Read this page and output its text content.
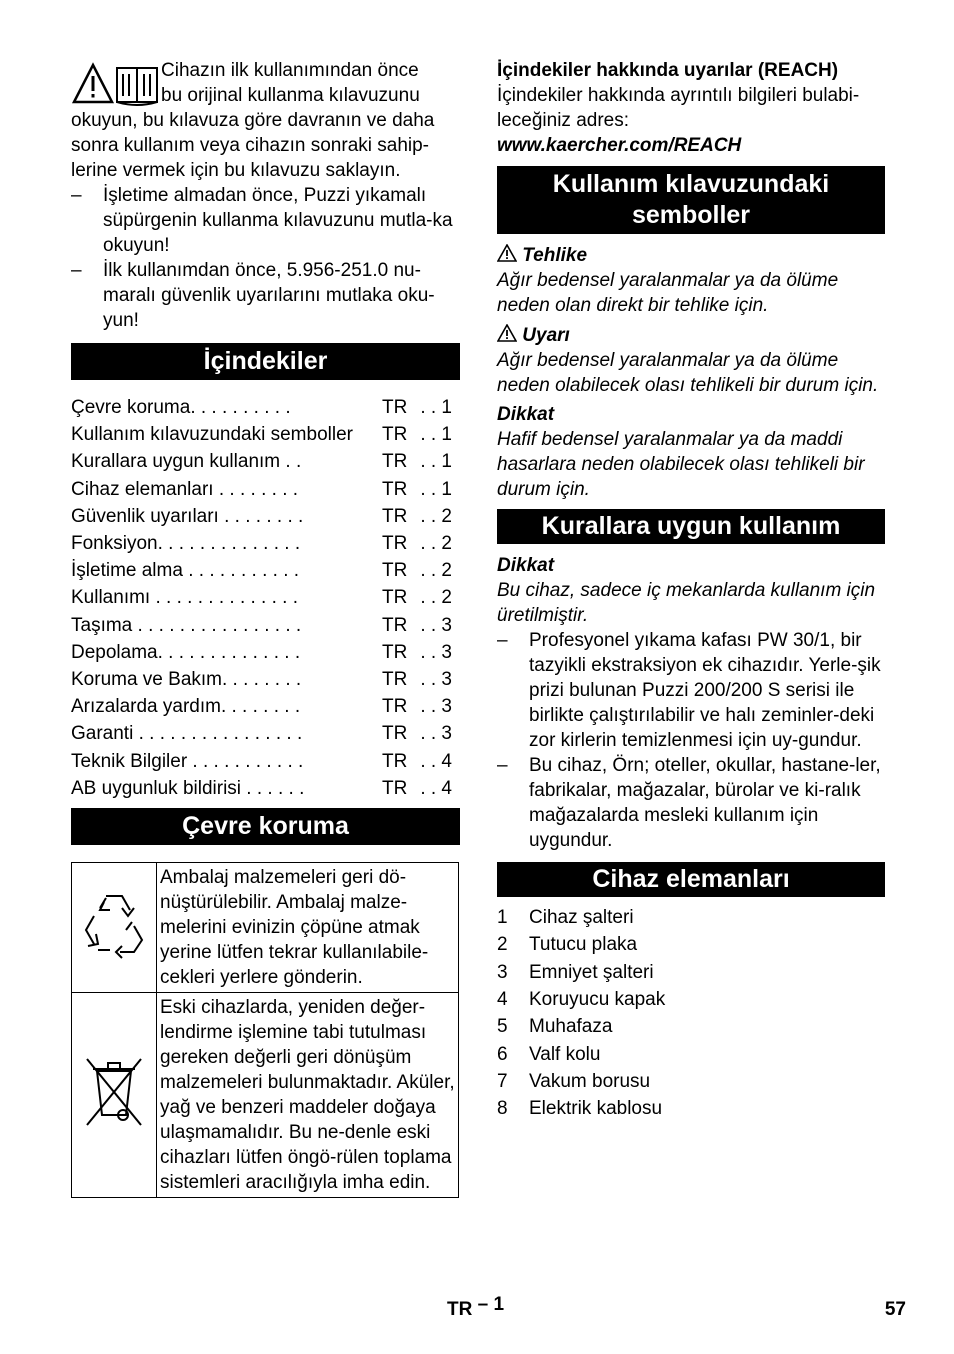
Cihazın ilk kullanımından önce

bu orijinal kullanma kılavuzunu

okuyun, bu kılavuza göre davranın ve daha sonra kullanım veya cihazın sonraki sahip-lerine vermek için bu kılavuzu saklayın.

–	İşletime almadan önce, Puzzi yıkamalı süpürgenin kullanma kılavuzunu mutla-ka okuyun!
–	İlk kullanımdan önce, 5.956-251.0 nu-maralı güvenlik uyarılarını mutlaka oku-yun!
İçindekiler
Çevre koruma. . . . . . . . . .	TR . . 1
Kullanım kılavuzundaki semboller	TR . . 1
Kurallara uygun kullanım . .	TR . . 1
Cihaz elemanları . . . . . . . .	TR . . 1
Güvenlik uyarıları . . . . . . . .	TR . . 2
Fonksiyon. . . . . . . . . . . . . .	TR . . 2
İşletime alma . . . . . . . . . . .	TR . . 2
Kullanımı . . . . . . . . . . . . . .	TR . . 2
Taşıma . . . . . . . . . . . . . . . .	TR . . 3
Depolama. . . . . . . . . . . . . .	TR . . 3
Koruma ve Bakım. . . . . . . .	TR . . 3
Arızalarda yardım. . . . . . . .	TR . . 3
Garanti . . . . . . . . . . . . . . . .	TR . . 3
Teknik Bilgiler . . . . . . . . . . .	TR . . 4
AB uygunluk bildirisi . . . . . .	TR . . 4
Çevre koruma
	Ambalaj malzemeleri geri dö-nüştürülebilir. Ambalaj malze-melerini evinizin çöpüne atmak yerine lütfen tekrar kullanılabile-cekleri yerlere gönderin.
	Eski cihazlarda, yeniden değer-lendirme işlemine tabi tutulması gereken değerli geri dönüşüm malzemeleri bulunmaktadır. Aküler, yağ ve benzeri maddeler doğaya ulaşmamalıdır. Bu ne-denle eski cihazları lütfen öngö-rülen toplama sistemleri aracılığıyla imha edin.

İçindekiler hakkında uyarılar (REACH)

İçindekiler hakkında ayrıntılı bilgileri bulabi-leceğiniz adres:

www.kaercher.com/REACH

Kullanım kılavuzundaki semboller

Tehlike

Ağır bedensel yaralanmalar ya da ölüme neden olan direkt bir tehlike için.

Uyarı

Ağır bedensel yaralanmalar ya da ölüme neden olabilecek olası tehlikeli bir durum için.

Dikkat

Hafif bedensel yaralanmalar ya da maddi hasarlara neden olabilecek olası tehlikeli bir durum için.

Kurallara uygun kullanım

Dikkat

Bu cihaz, sadece iç mekanlarda kullanım için üretilmiştir.

–	Profesyonel yıkama kafası PW 30/1, bir tazyikli ekstraksiyon ek cihazıdır. Yerle-şik prizi bulunan Puzzi 200/200 S serisi ile birlikte çalıştırılabilir ve halı zeminler-deki zor kirlerin temizlenmesi için uy-gundur.
–	Bu cihaz, Örn; oteller, okullar, hastane-ler, fabrikalar, mağazalar, bürolar ve ki-ralık mağazalarda mesleki kullanım için uygundur.
Cihaz elemanları
1	Cihaz şalteri
2	Tutucu plaka
3	Emniyet şalteri
4	Koruyucu kapak
5	Muhafaza
6	Valf kolu
7	Vakum borusu
8	Elektrik kablosu
TR – 1	57
